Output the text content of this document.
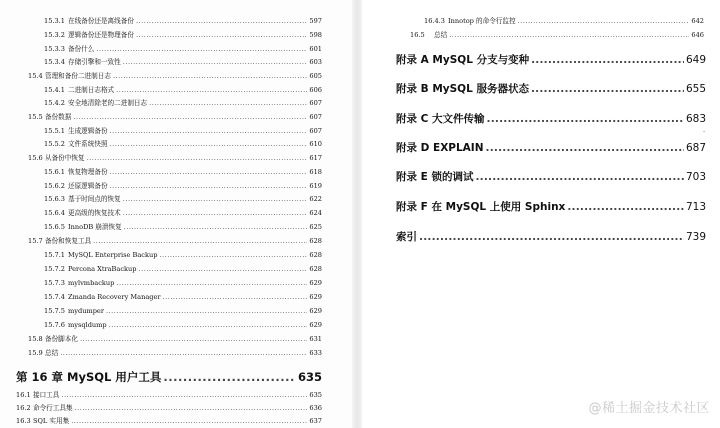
15.3.1 在线备份还是离线备份 .....	597
15.3.2 逻辑备份还是物理备份 .....	598
15.3.3 备份什么 .....	601
15.3.4 存储引擎和一致性 .....	603
15.4 管理和备份二进制日志 .....	605
15.4.1 二进制日志格式 .....	606
15.4.2 安全地清除老的二进制日志 .....	607
15.5 备份数据 .....	607
15.5.1 生成逻辑备份 .....	607
15.5.2 文件系统快照 .....	610
15.6 从备份中恢复 .....	617
15.6.1 恢复物理备份 .....	618
15.6.2 还原逻辑备份 .....	619
15.6.3 基于时间点的恢复 .....	622
15.6.4 更高级的恢复技术 .....	624
15.6.5 InnoDB 崩溃恢复 .....	625
15.7 备份和恢复工具 .....	628
15.7.1 MySQL Enterprise Backup .....	628
15.7.2 Percona XtraBackup .....	628
15.7.3 mylvmbackup .....	629
15.7.4 Zmanda Recovery Manager .....	629
15.7.5 mydumper .....	629
15.7.6 mysqldump .....	629
15.8 备份脚本化 .....	631
15.9 总结 .....	633
第 16 章 MySQL 用户工具 .....	635
16.1 接口工具 .....	635
16.2 命令行工具集 .....	636
16.3 SQL 实用集 .....	637
16.4.3 Innotop 的命令行监控 .....	642
16.5	总结 .....	646
附录 A MySQL 分支与变种 .....	649
附录 B MySQL 服务器状态 .....	655
附录 C 大文件传输 .....	683
附录 D EXPLAIN .....	687
附录 E 锁的调试 .....	703
附录 F 在 MySQL 上使用 Sphinx .....	713
索引 .....	739
-
@稀土掘金技术社区
